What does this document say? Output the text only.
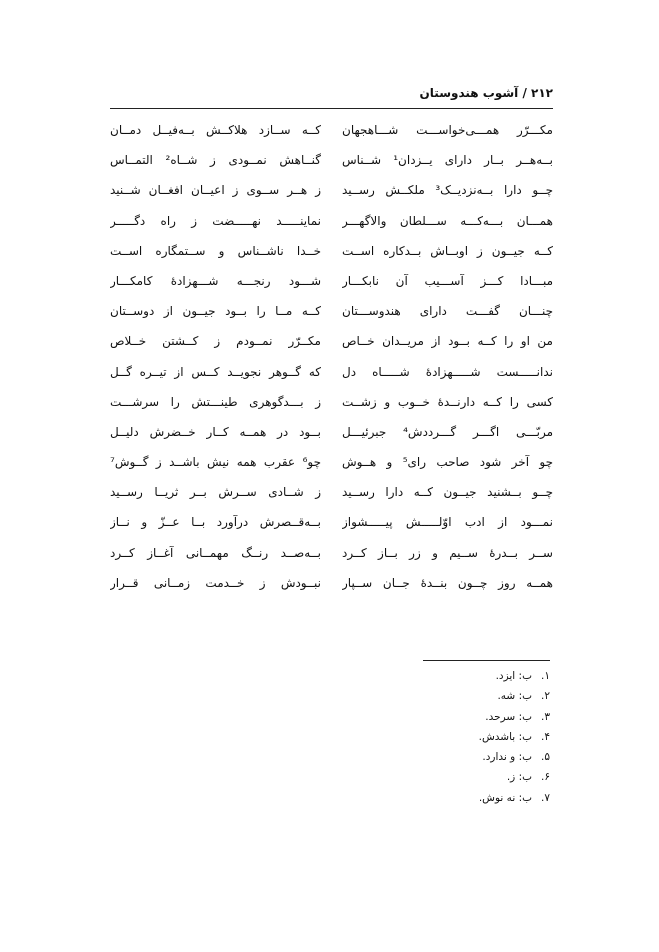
۲۱۲ / آشوب هندوستان
مکـــرّر همـــی‌خواســـت شـــاهجهان
کــه ســازد هلاکــش بــه‌فیــل دمــان
بــه‌هــر بــار دارای یــزدان¹ شــناس
گنــاهش نمــودی ز شــاه² التمــاس
چــو دارا بــه‌نزدیــک³ ملکــش رســید
ز هــر ســوی ز اعیــان افغــان شــنید
همـــان بـــه‌کـــه ســـلطان والاگهـــر
نماینـــــد نهـــــضت ز راه دگـــــر
کــه جیــون ز اوبــاش بــدکاره اســت
خــدا ناشــناس و ســتمگاره اســت
مبـــادا کـــز آســـیب آن نابکـــار
شـــود رنجـــه شـــهزادهٔ کامکـــار
چنـــان گفـــت دارای هندوســـتان
کــه مــا را بــود جیــون از دوســتان
من او را کــه بــود از مریــدان خــاص
مکــرّر نمــودم ز کــشتن خــلاص
ندانـــــست شـــــهزادهٔ شـــــاه دل
که گــوهر نجویــد کــس از تیــره گــل
کسی را کــه دارنــدهٔ خــوب و زشــت
ز بـــدگوهری طینـــتش را سرشـــت
مربّـــی اگـــر گـــرددش⁴ جبرئیـــل
بــود در همــه کــار خــضرش دلیــل
چو آخر شود صاحب رای⁵ و هــوش
چو⁶ عقرب همه نیش باشــد ز گــوش⁷
چــو بــشنید جیــون کــه دارا رســید
ز شــادی ســرش بــر ثریــا رســید
نمـــود از ادب اوّلـــــش پیـــــشواز
بــه‌قــصرش درآورد بــا عــزّ و نــاز
ســر بــدرهٔ ســیم و زر بــاز کــرد
بــه‌صــد رنــگ مهمــانی آغــاز کــرد
همــه روز چــون بنــدهٔ جــان ســپار
نبــودش ز خــدمت زمــانی قــرار
۱.ب: ایزد.
۲.ب: شه.
۳.ب: سرحد.
۴.ب: باشدش.
۵.ب: و ندارد.
۶.ب: ز.
۷.ب: نه نوش.
